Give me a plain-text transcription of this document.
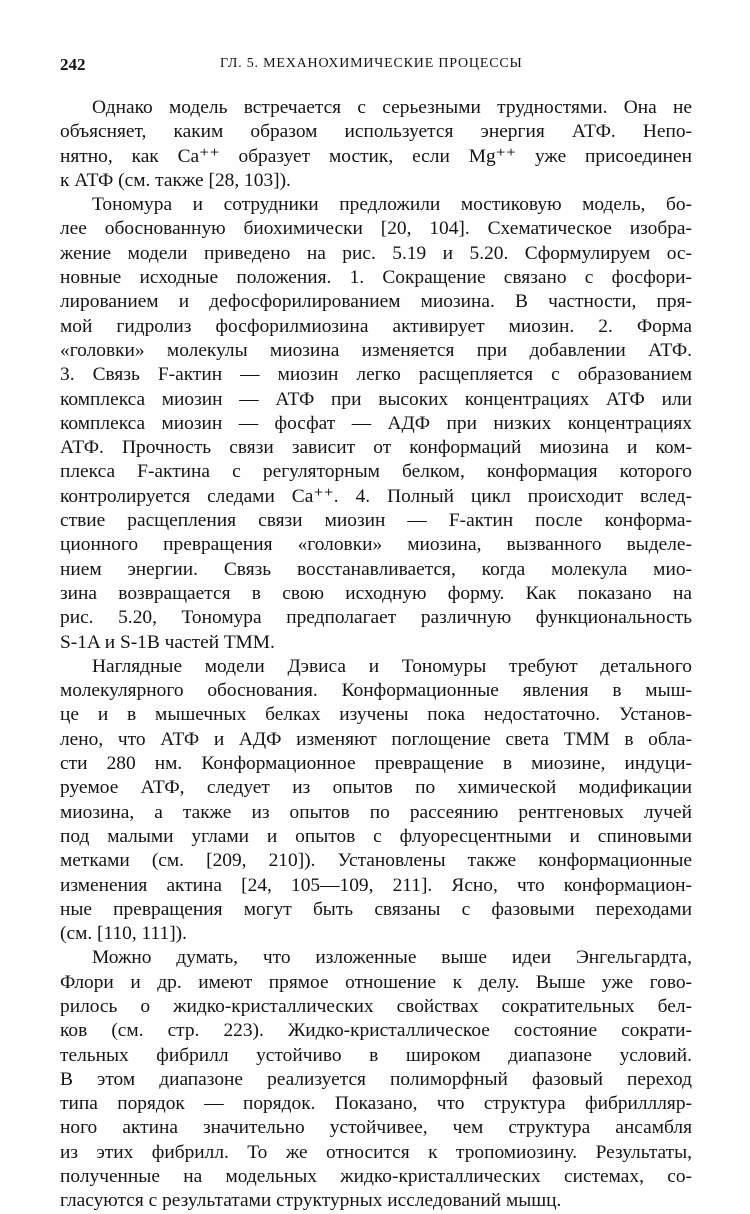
242	ГЛ. 5. МЕХАНОХИМИЧЕСКИЕ ПРОЦЕССЫ
Однако модель встречается с серьезными трудностями. Она не
объясняет, каким образом используется энергия АТФ. Непо-
нятно, как Ca⁺⁺ образует мостик, если Mg⁺⁺ уже присоединен
к АТФ (см. также [28, 103]).
Тономура и сотрудники предложили мостиковую модель, бо-
лее обоснованную биохимически [20, 104]. Схематическое изобра-
жение модели приведено на рис. 5.19 и 5.20. Сформулируем ос-
новные исходные положения. 1. Сокращение связано с фосфори-
лированием и дефосфорилированием миозина. В частности, пря-
мой гидролиз фосфорилмиозина активирует миозин. 2. Форма
«головки» молекулы миозина изменяется при добавлении АТФ.
3. Связь F-актин — миозин легко расщепляется с образованием
комплекса миозин — АТФ при высоких концентрациях АТФ или
комплекса миозин — фосфат — АДФ при низких концентрациях
АТФ. Прочность связи зависит от конформаций миозина и ком-
плекса F-актина с регуляторным белком, конформация которого
контролируется следами Ca⁺⁺. 4. Полный цикл происходит вслед-
ствие расщепления связи миозин — F-актин после конформа-
ционного превращения «головки» миозина, вызванного выделе-
нием энергии. Связь восстанавливается, когда молекула мио-
зина возвращается в свою исходную форму. Как показано на
рис. 5.20, Тономура предполагает различную функциональность
S-1A и S-1B частей ТММ.
Наглядные модели Дэвиса и Тономуры требуют детального
молекулярного обоснования. Конформационные явления в мыш-
це и в мышечных белках изучены пока недостаточно. Установ-
лено, что АТФ и АДФ изменяют поглощение света ТММ в обла-
сти 280 нм. Конформационное превращение в миозине, индуци-
руемое АТФ, следует из опытов по химической модификации
миозина, а также из опытов по рассеянию рентгеновых лучей
под малыми углами и опытов с флуоресцентными и спиновыми
метками (см. [209, 210]). Установлены также конформационные
изменения актина [24, 105—109, 211]. Ясно, что конформацион-
ные превращения могут быть связаны с фазовыми переходами
(см. [110, 111]).
Можно думать, что изложенные выше идеи Энгельгардта,
Флори и др. имеют прямое отношение к делу. Выше уже гово-
рилось о жидко-кристаллических свойствах сократительных бел-
ков (см. стр. 223). Жидко-кристаллическое состояние сократи-
тельных фибрилл устойчиво в широком диапазоне условий.
В этом диапазоне реализуется полиморфный фазовый переход
типа порядок — порядок. Показано, что структура фибриллляр-
ного актина значительно устойчивее, чем структура ансамбля
из этих фибрилл. То же относится к тропомиозину. Результаты,
полученные на модельных жидко-кристаллических системах, со-
гласуются с результатами структурных исследований мышц.
